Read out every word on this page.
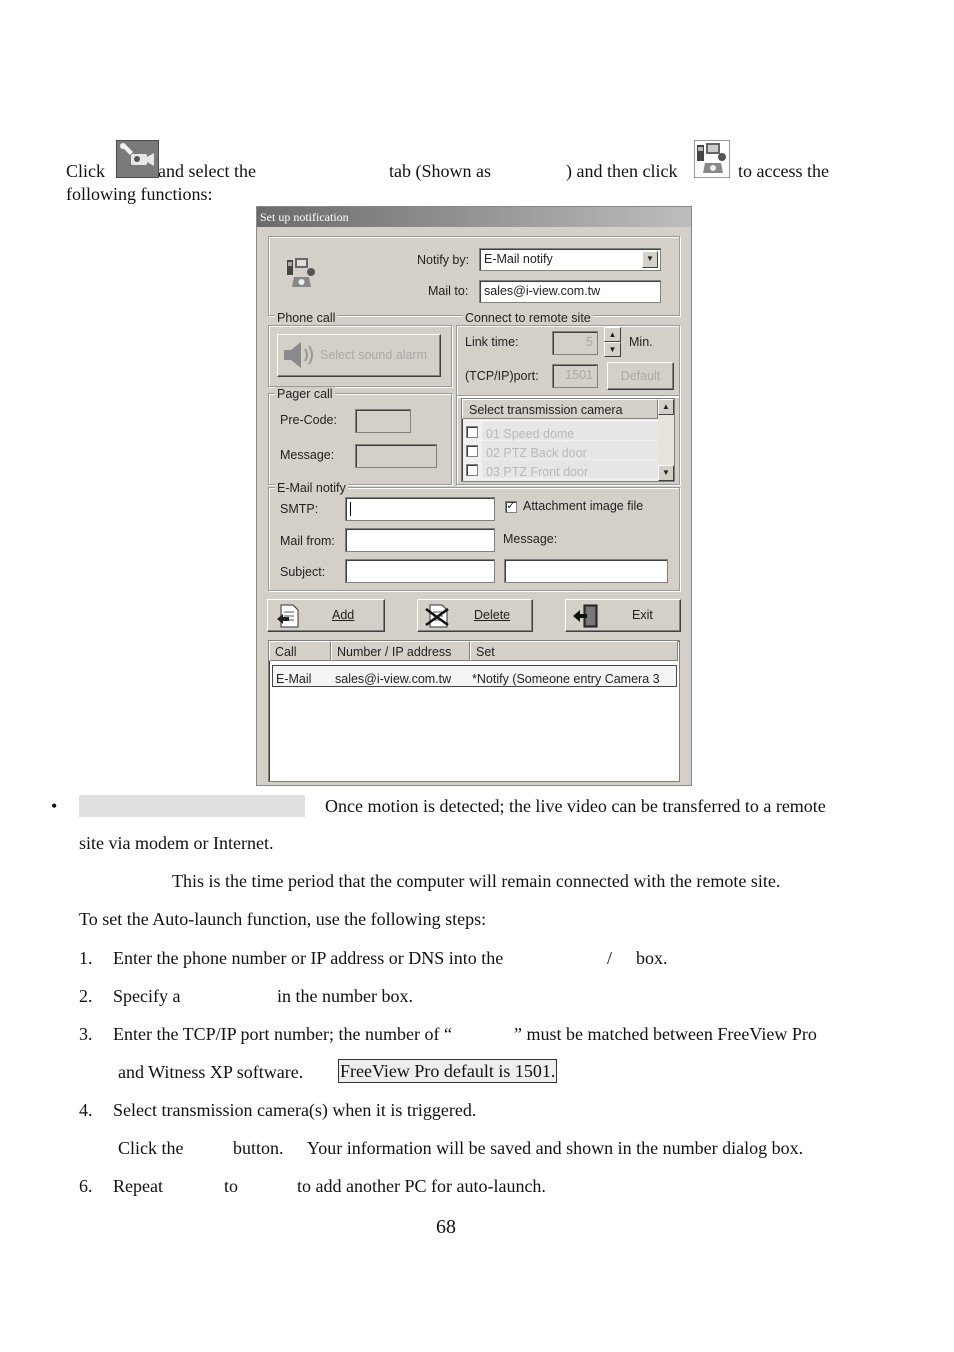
Click	and select the	tab (Shown as	) and then click	to access the
following functions:
Set up notification
Notify by:	E-Mail notify	▼
Mail to:	sales@i-view.com.tw
Phone call
Select sound alarm
Connect to remote site
Link time:	5
▲
▼
Min.
(TCP/IP)port:	1501	Default
Pager call
Pre-Code:
Message:
Select transmission camera
01 Speed dome
02 PTZ Back door
03 PTZ Front door
▲
▼
E-Mail notify
SMTP:	✓ Attachment image file
Mail from:	Message:
Subject:
Add	Delete	Exit
Call	Number / IP address	Set
E-Mail sales@i-view.com.tw *Notify (Someone entry Camera 3
•	Once motion is detected; the live video can be transferred to a remote
site via modem or Internet.
This is the time period that the computer will remain connected with the remote site.
To set the Auto-launch function, use the following steps:
1. Enter the phone number or IP address or DNS into the	/ box.
2. Specify a	in the number box.
3. Enter the TCP/IP port number; the number of “	” must be matched between FreeView Pro
and Witness XP software. FreeView Pro default is 1501.
4. Select transmission camera(s) when it is triggered.
Click the	button. Your information will be saved and shown in the number dialog box.
6. Repeat	to	to add another PC for auto-launch.
68
